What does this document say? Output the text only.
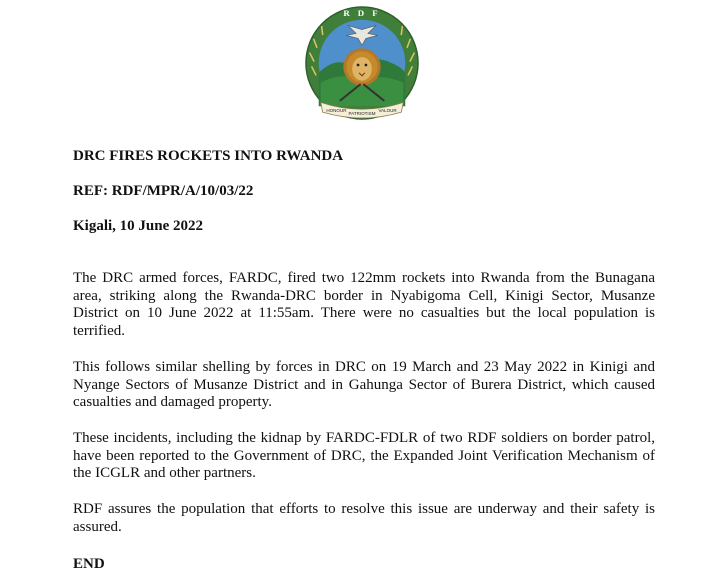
R D F
HONOUR
PATRIOTISM
VALOUR

DRC FIRES ROCKETS INTO RWANDA

REF: RDF/MPR/A/10/03/22

Kigali, 10 June 2022

The DRC armed forces, FARDC, fired two 122mm rockets into Rwanda from the Bunagana area, striking along the Rwanda-DRC border in Nyabigoma Cell, Kinigi Sector, Musanze District on 10 June 2022 at 11:55am. There were no casualties but the local population is terrified.

This follows similar shelling by forces in DRC on 19 March and 23 May 2022 in Kinigi and Nyange Sectors of Musanze District and in Gahunga Sector of Burera District, which caused casualties and damaged property.

These incidents, including the kidnap by FARDC-FDLR of two RDF soldiers on border patrol, have been reported to the Government of DRC, the Expanded Joint Verification Mechanism of the ICGLR and other partners.

RDF assures the population that efforts to resolve this issue are underway and their safety is assured.

END
